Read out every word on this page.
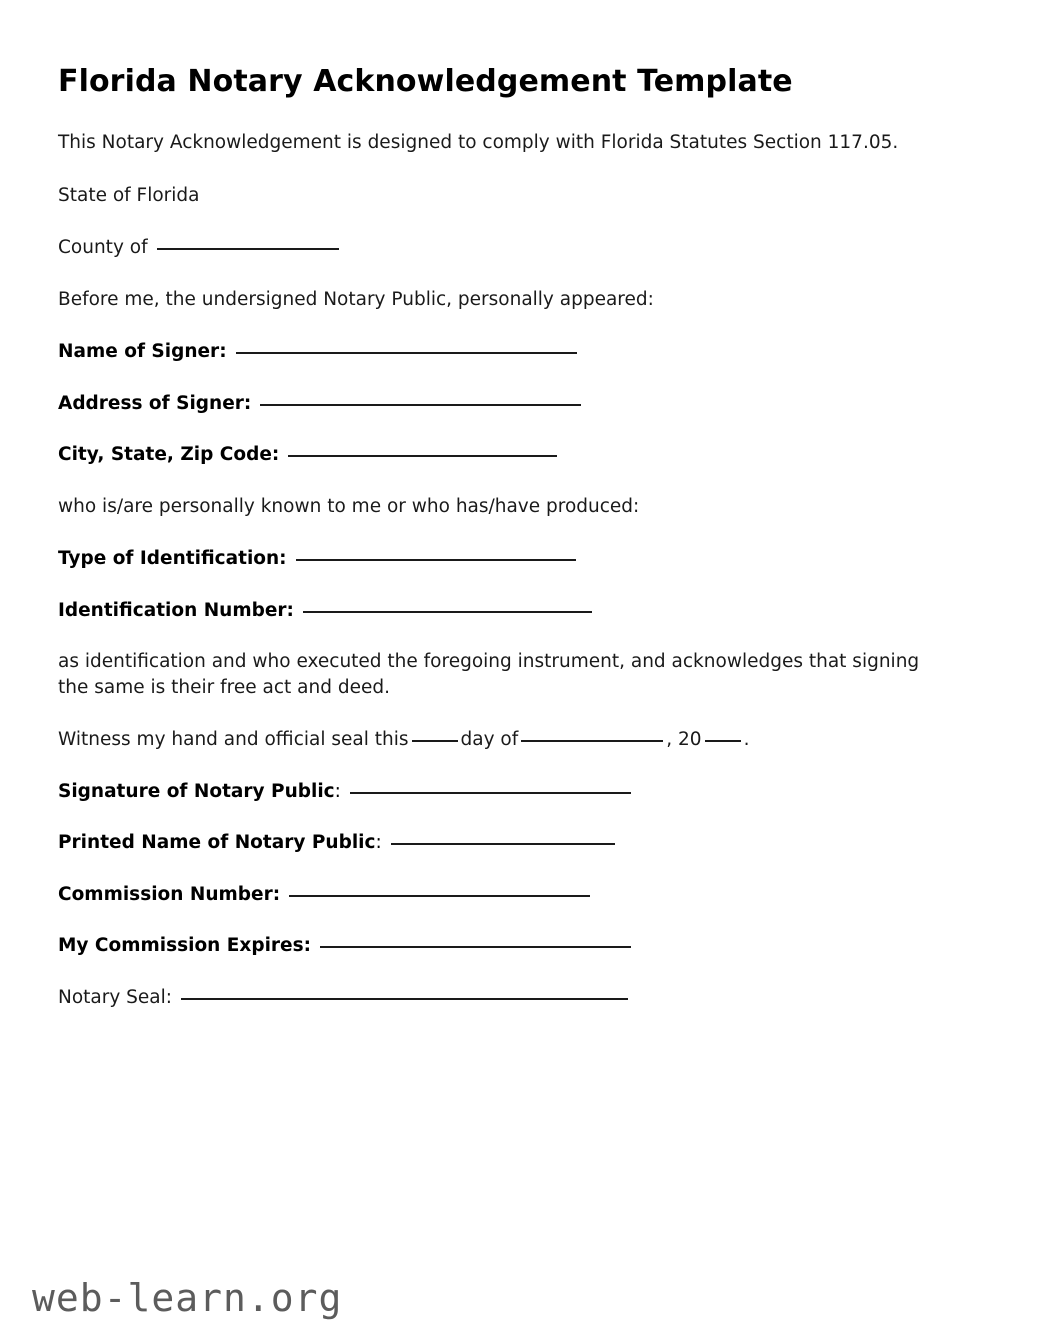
Florida Notary Acknowledgement Template

This Notary Acknowledgement is designed to comply with Florida Statutes Section 117.05.

State of Florida

County of

Before me, the undersigned Notary Public, personally appeared:

Name of Signer:
Address of Signer:
City, State, Zip Code:

who is/are personally known to me or who has/have produced:

Type of Identification:
Identification Number:

as identification and who executed the foregoing instrument, and acknowledges that signing the same is their free act and deed.

Witness my hand and official seal this	day of	, 20 .
Signature of Notary Public:
Printed Name of Notary Public:
Commission Number:
My Commission Expires:
Notary Seal:
web-learn.org
